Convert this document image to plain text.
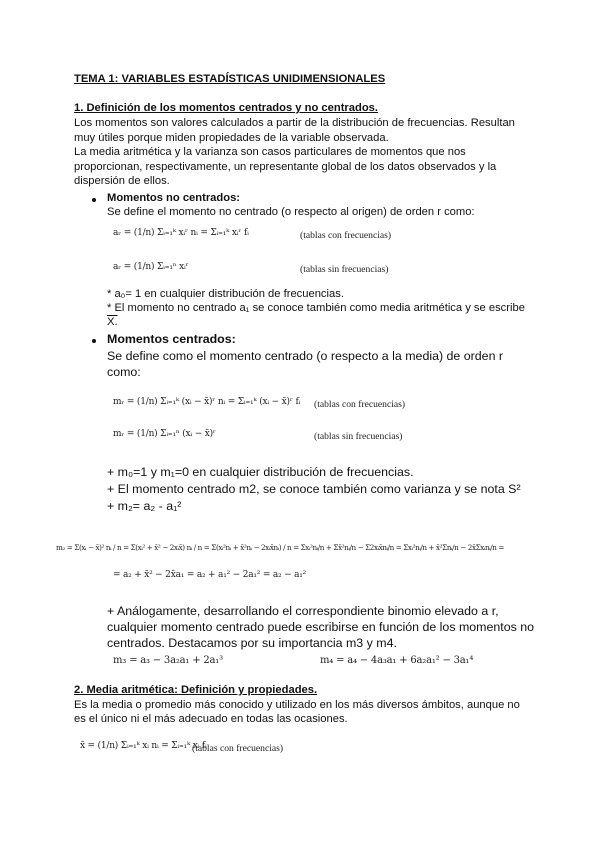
TEMA 1: VARIABLES ESTADÍSTICAS UNIDIMENSIONALES
1. Definición de los momentos centrados y no centrados.
Los momentos son valores calculados a partir de la distribución de frecuencias. Resultan
muy útiles porque miden propiedades de la variable observada.
La media aritmética y la varianza son casos particulares de momentos que nos
proporcionan, respectivamente, un representante global de los datos observados y la
dispersión de ellos.
Momentos no centrados:
Se define el momento no centrado (o respecto al origen) de orden r como:
aᵣ = (1/n) Σᵢ₌₁ᵏ xᵢʳ nᵢ = Σᵢ₌₁ᵏ xᵢʳ fᵢ	(tablas con frecuencias)
aᵣ = (1/n) Σᵢ₌₁ⁿ xᵢʳ	(tablas sin frecuencias)
* a₀= 1 en cualquier distribución de frecuencias.
* El momento no centrado a₁ se conoce también como media aritmética y se escribe
X.
Momentos centrados:
Se define como el momento centrado (o respecto a la media) de orden r
como:
mᵣ = (1/n) Σᵢ₌₁ᵏ (xᵢ − x̄)ʳ nᵢ = Σᵢ₌₁ᵏ (xᵢ − x̄)ʳ fᵢ (tablas con frecuencias)
mᵣ = (1/n) Σᵢ₌₁ⁿ (xᵢ − x̄)ʳ	(tablas sin frecuencias)
+ m₀=1 y m₁=0 en cualquier distribución de frecuencias.
+ El momento centrado m2, se conoce también como varianza y se nota S²
+ m₂= a₂ - a₁²
m₂ = Σ(xᵢ − x̄)² nᵢ / n = Σ(xᵢ² + x̄² − 2xᵢx̄) nᵢ / n = Σ(xᵢ²nᵢ + x̄²nᵢ − 2xᵢx̄nᵢ) / n = Σxᵢ²nᵢ/n + Σx̄²nᵢ/n − Σ2xᵢx̄nᵢ/n = Σxᵢ²nᵢ/n + x̄²Σnᵢ/n − 2x̄Σxᵢnᵢ/n =
= a₂ + x̄² − 2x̄a₁ = a₂ + a₁² − 2a₁² = a₂ − a₁²
+ Análogamente, desarrollando el correspondiente binomio elevado a r,
cualquier momento centrado puede escribirse en función de los momentos no
centrados. Destacamos por su importancia m3 y m4.
m₃ = a₃ − 3a₂a₁ + 2a₁³	m₄ = a₄ − 4a₃a₁ + 6a₂a₁² − 3a₁⁴
2. Media aritmética: Definición y propiedades.
Es la media o promedio más conocido y utilizado en los más diversos ámbitos, aunque no
es el único ni el más adecuado en todas las ocasiones.
x̄ = (1/n) Σᵢ₌₁ᵏ xᵢ nᵢ = Σᵢ₌₁ᵏ xᵢ fᵢ
(tablas con frecuencias)
